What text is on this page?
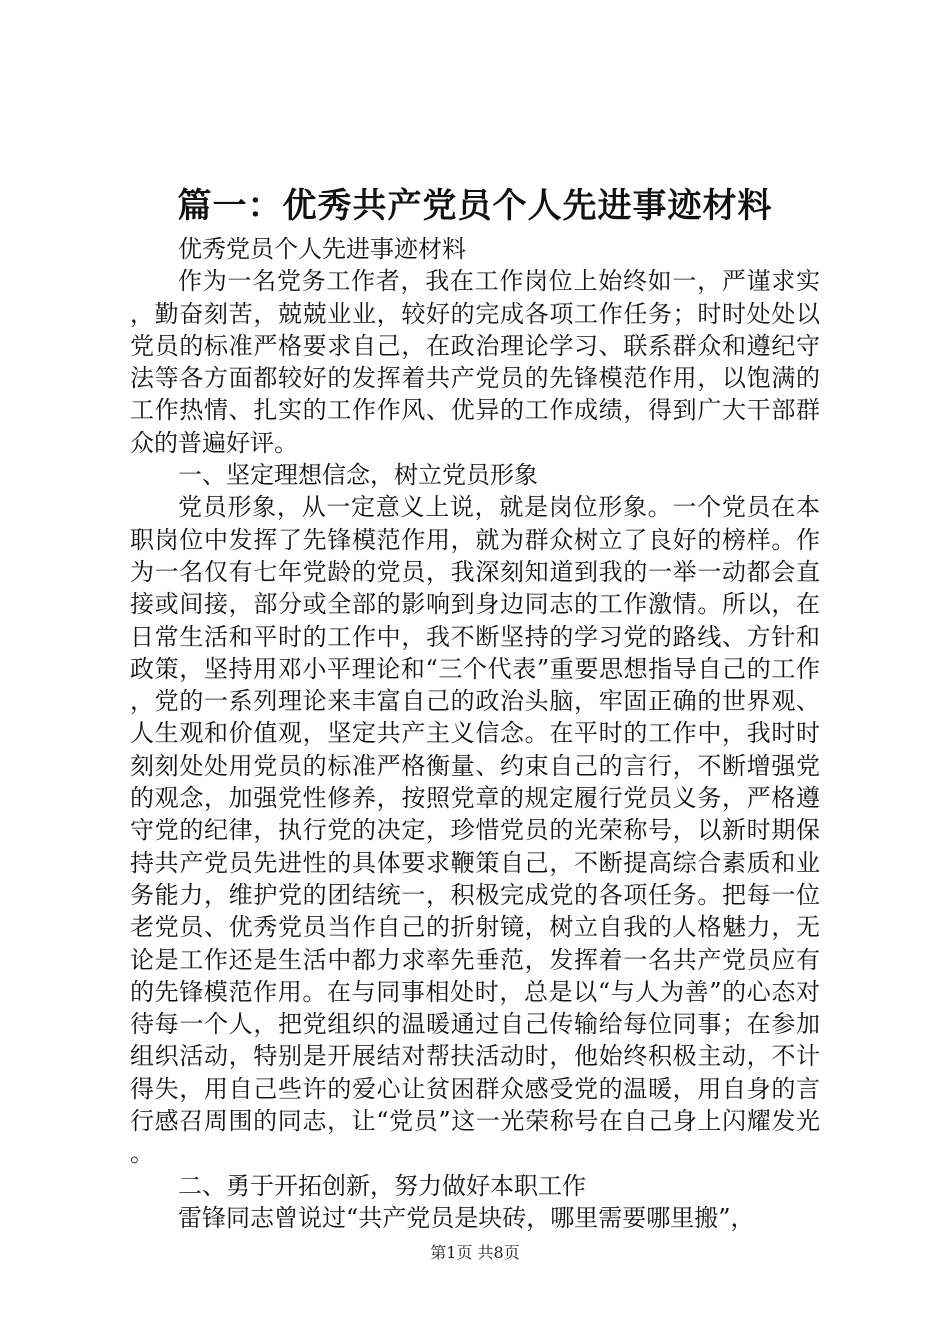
篇一：优秀共产党员个人先进事迹材料

优秀党员个人先进事迹材料

作为一名党务工作者，我在工作岗位上始终如一，严谨求实，勤奋刻苦，兢兢业业，较好的完成各项工作任务；时时处处以党员的标准严格要求自己，在政治理论学习、联系群众和遵纪守法等各方面都较好的发挥着共产党员的先锋模范作用，以饱满的工作热情、扎实的工作作风、优异的工作成绩，得到广大干部群众的普遍好评。

一、坚定理想信念，树立党员形象

党员形象，从一定意义上说，就是岗位形象。一个党员在本职岗位中发挥了先锋模范作用，就为群众树立了良好的榜样。作为一名仅有七年党龄的党员，我深刻知道到我的一举一动都会直接或间接，部分或全部的影响到身边同志的工作激情。所以，在日常生活和平时的工作中，我不断坚持的学习党的路线、方针和政策，坚持用邓小平理论和“三个代表”重要思想指导自己的工作，党的一系列理论来丰富自己的政治头脑，牢固正确的世界观、人生观和价值观，坚定共产主义信念。在平时的工作中，我时时刻刻处处用党员的标准严格衡量、约束自己的言行，不断增强党的观念，加强党性修养，按照党章的规定履行党员义务，严格遵守党的纪律，执行党的决定，珍惜党员的光荣称号，以新时期保持共产党员先进性的具体要求鞭策自己，不断提高综合素质和业务能力，维护党的团结统一，积极完成党的各项任务。把每一位老党员、优秀党员当作自己的折射镜，树立自我的人格魅力，无论是工作还是生活中都力求率先垂范，发挥着一名共产党员应有的先锋模范作用。在与同事相处时，总是以“与人为善”的心态对待每一个人，把党组织的温暖通过自己传输给每位同事；在参加组织活动，特别是开展结对帮扶活动时，他始终积极主动，不计得失，用自己些许的爱心让贫困群众感受党的温暖，用自身的言行感召周围的同志，让“党员”这一光荣称号在自己身上闪耀发光。

二、勇于开拓创新，努力做好本职工作

雷锋同志曾说过“共产党员是块砖，哪里需要哪里搬”，

第1页 共8页
